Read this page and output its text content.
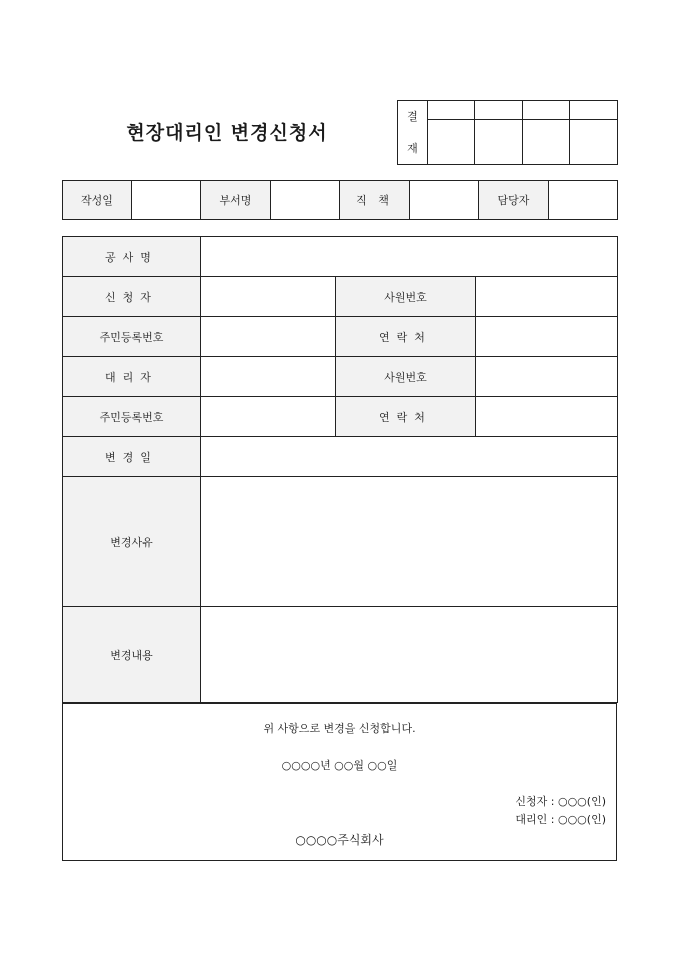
현장대리인 변경신청서
결
재				

작성일		부서명		직 책		담당자	
공사명			
신청자		사원번호	
주민등록번호		연락처	
대리자		사원번호	
주민등록번호		연락처	
변경일			
변경사유			
변경내용			
위 사항으로 변경을 신청합니다.
○○○○년 ○○월 ○○일
신청자 : ○○○(인)
대리인 : ○○○(인)
○○○○주식회사
